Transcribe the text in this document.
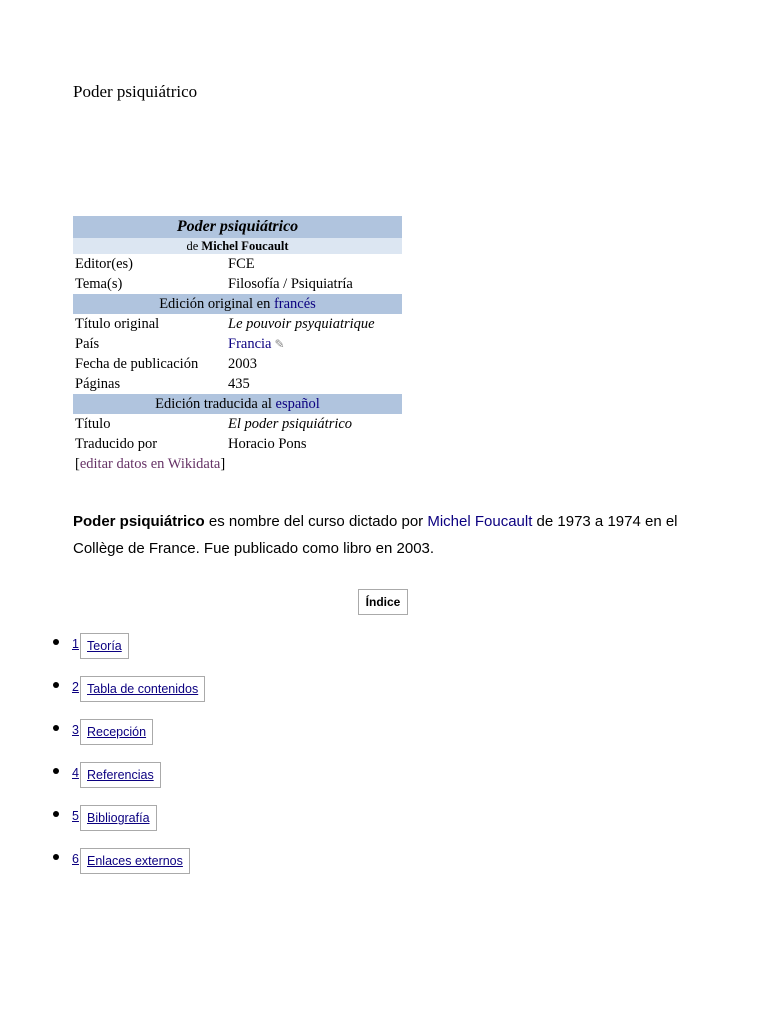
Poder psiquiátrico
Poder psiquiátrico	
de Michel Foucault	
Editor(es)	FCE
Tema(s)	Filosofía / Psiquiatría
Edición original en francés	
Título original	Le pouvoir psyquiatrique
País	Francia ✎
Fecha de publicación	2003
Páginas	435
Edición traducida al español	
Título	El poder psiquiátrico
Traducido por	Horacio Pons
[editar datos en Wikidata]	

Poder psiquiátrico es nombre del curso dictado por Michel Foucault de 1973 a 1974 en el Collège de France. Fue publicado como libro en 2003.

Índice
1 Teoría
2 Tabla de contenidos
3 Recepción
4 Referencias
5 Bibliografía
6 Enlaces externos
